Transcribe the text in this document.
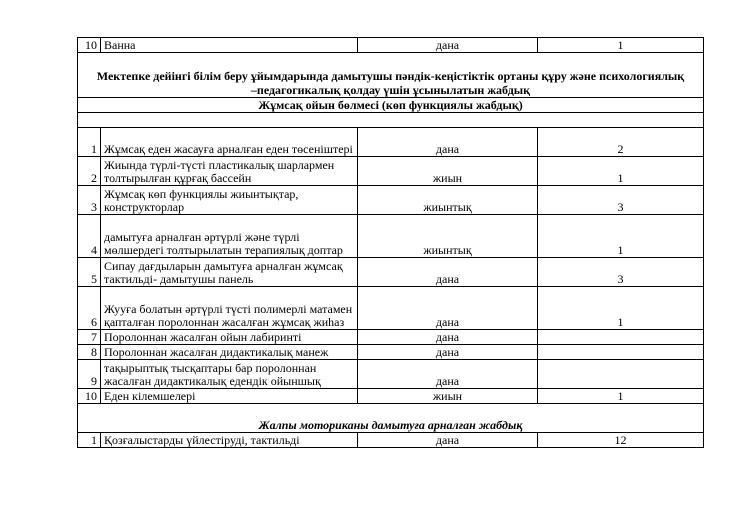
10	Ванна	дана	1
Мектепке дейінгі білім беру ұйымдарында дамытушы пәндік-кеңістіктік ортаны құру және психологиялық
–педагогикалық қолдау үшін ұсынылатын жабдық			
Жұмсақ ойын бөлмесі (көп функциялы жабдық)			

1	Жұмсақ еден жасауға арналған еден төсеніштері	дана	2
2	Жиында түрлі-түсті пластикалық шарлармен толтырылған құрғақ бассейн	жиын	1
3	Жұмсақ көп функциялы жиынтықтар, конструкторлар	жиынтық	3
4	дамытуға арналған әртүрлі және түрлі мөлшердегі толтырылатын терапиялық доптар	жиынтық	1
5	Сипау дағдыларын дамытуға арналған жұмсақ тактильді- дамытушы панель	дана	3
6	Жууға болатын әртүрлі түсті полимерлі матамен қапталған поролоннан жасалған жұмсақ жиһаз	дана	1
7	Поролоннан жасалған ойын лабиринті	дана	
8	Поролоннан жасалған дидактикалық манеж	дана	
9	тақырыптық тысқаптары бар поролоннан жасалған дидактикалық едендік ойыншық	дана	
10	Еден кілемшелері	жиын	1
Жалпы моториканы дамытуға арналған жабдық			
1	Қозғалыстарды үйлестіруді, тактильді	дана	12
